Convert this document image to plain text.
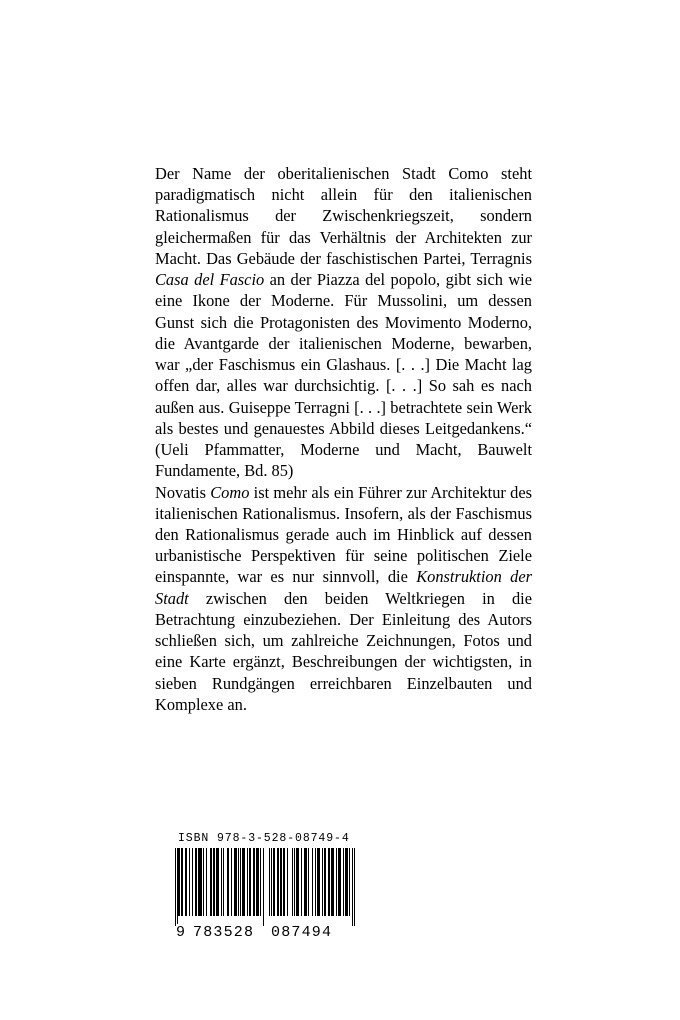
Der Name der oberitalienischen Stadt Como steht paradigmatisch nicht allein für den italienischen Rationalismus der Zwischenkriegszeit, sondern gleichermaßen für das Verhältnis der Architekten zur Macht. Das Gebäude der faschistischen Partei, Terragnis Casa del Fascio an der Piazza del popolo, gibt sich wie eine Ikone der Moderne. Für Mussolini, um dessen Gunst sich die Protagonisten des Movimento Moderno, die Avantgarde der italienischen Moderne, bewarben, war „der Faschismus ein Glashaus. [. . .] Die Macht lag offen dar, alles war durchsichtig. [. . .] So sah es nach außen aus. Guiseppe Terragni [. . .] betrachtete sein Werk als bestes und genauestes Abbild dieses Leitgedankens.“ (Ueli Pfammatter, Moderne und Macht, Bauwelt Fundamente, Bd. 85)

Novatis Como ist mehr als ein Führer zur Architektur des italienischen Rationalismus. Insofern, als der Faschismus den Rationalismus gerade auch im Hinblick auf dessen urbanistische Perspektiven für seine politischen Ziele einspannte, war es nur sinnvoll, die Konstruktion der Stadt zwischen den beiden Weltkriegen in die Betrachtung einzubeziehen. Der Einleitung des Autors schließen sich, um zahlreiche Zeichnungen, Fotos und eine Karte ergänzt, Beschreibungen der wichtigsten, in sieben Rundgängen erreichbaren Einzelbauten und Komplexe an.

ISBN 978-3-528-08749-4
9 783528 087494
